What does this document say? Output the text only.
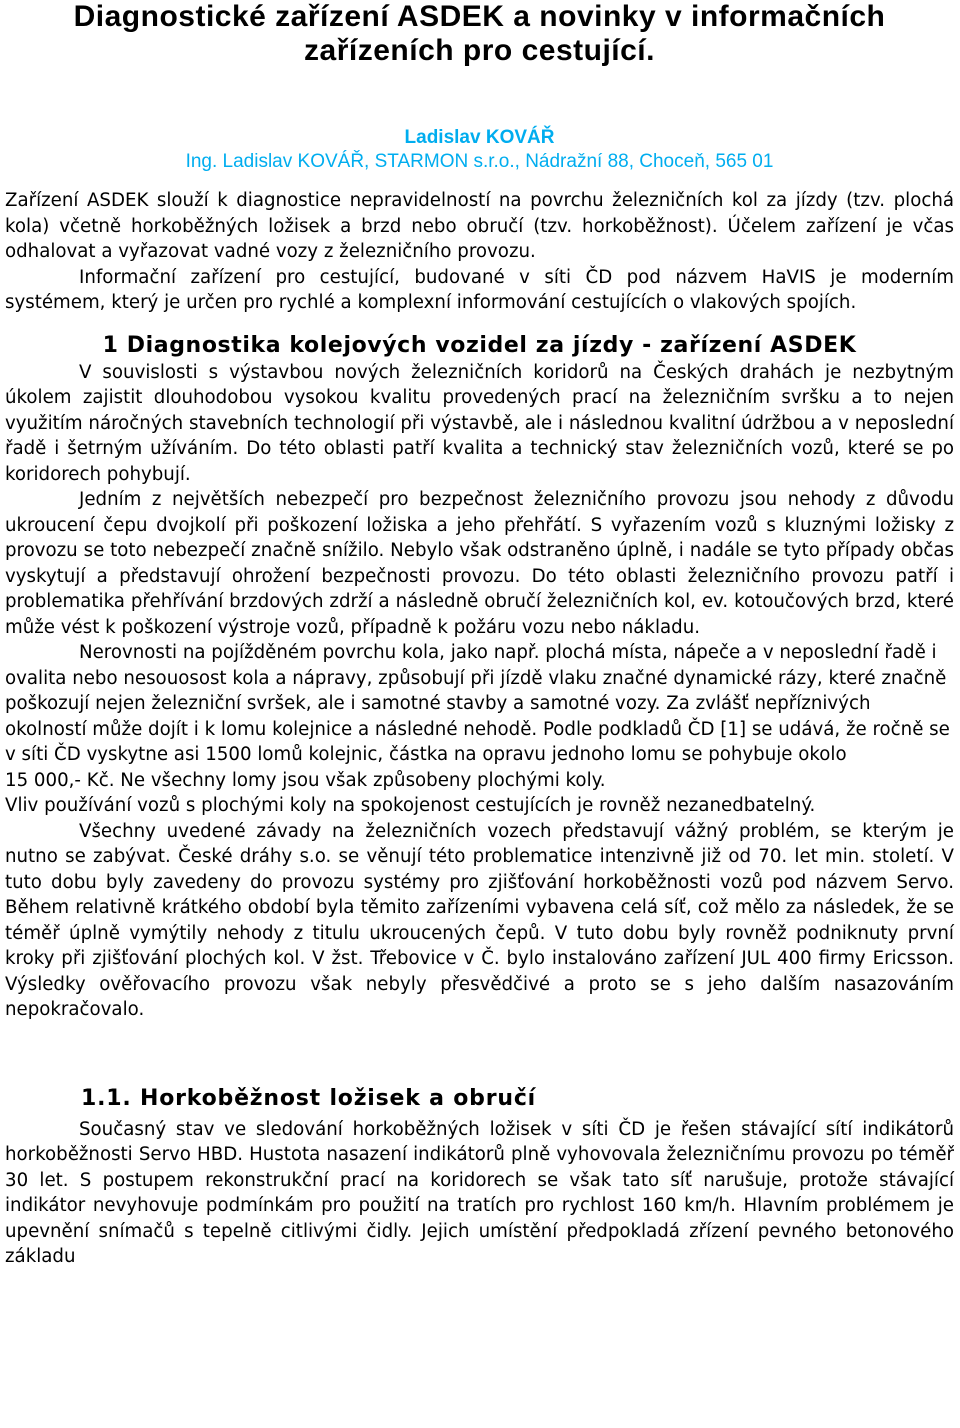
Diagnostické zařízení ASDEK a novinky v informačních zařízeních pro cestující.
Ladislav KOVÁŘ
Ing. Ladislav KOVÁŘ, STARMON s.r.o., Nádražní 88, Choceň, 565 01

Zařízení ASDEK slouží k diagnostice nepravidelností na povrchu železničních kol za jízdy (tzv. plochá kola) včetně horkoběžných ložisek a brzd nebo obručí (tzv. horkoběžnost). Účelem zařízení je včas odhalovat a vyřazovat vadné vozy z železničního provozu.

Informační zařízení pro cestující, budované v síti ČD pod názvem HaVIS je moderním systémem, který je určen pro rychlé a komplexní informování cestujících o vlakových spojích.

1 Diagnostika kolejových vozidel za jízdy - zařízení ASDEK

V souvislosti s výstavbou nových železničních koridorů na Českých drahách je nezbytným úkolem zajistit dlouhodobou vysokou kvalitu provedených prací na železničním svršku a to nejen využitím náročných stavebních technologií při výstavbě, ale i následnou kvalitní údržbou a v neposlední řadě i šetrným užíváním. Do této oblasti patří kvalita a technický stav železničních vozů, které se po koridorech pohybují.

Jedním z největších nebezpečí pro bezpečnost železničního provozu jsou nehody z důvodu ukroucení čepu dvojkolí při poškození ložiska a jeho přehřátí. S vyřazením vozů s kluznými ložisky z provozu se toto nebezpečí značně snížilo. Nebylo však odstraněno úplně, i nadále se tyto případy občas vyskytují a představují ohrožení bezpečnosti provozu. Do této oblasti železničního provozu patří i problematika přehřívání brzdových zdrží a následně obručí železničních kol, ev. kotoučových brzd, které může vést k poškození výstroje vozů, případně k požáru vozu nebo nákladu.

Nerovnosti na pojížděném povrchu kola, jako např. plochá místa, nápeče a v neposlední řadě i ovalita nebo nesouosost kola a nápravy, způsobují při jízdě vlaku značné dynamické rázy, které značně poškozují nejen železniční svršek, ale i samotné stavby a samotné vozy. Za zvlášť nepříznivých okolností může dojít i k lomu kolejnice a následné nehodě. Podle podkladů ČD [1] se udává, že ročně se v síti ČD vyskytne asi 1500 lomů kolejnic, částka na opravu jednoho lomu se pohybuje okolo

15 000,- Kč. Ne všechny lomy jsou však způsobeny plochými koly.

Vliv používání vozů s plochými koly na spokojenost cestujících je rovněž nezanedbatelný.

Všechny uvedené závady na železničních vozech představují vážný problém, se kterým je nutno se zabývat. České dráhy s.o. se věnují této problematice intenzivně již od 70. let min. století. V tuto dobu byly zavedeny do provozu systémy pro zjišťování horkoběžnosti vozů pod názvem Servo. Během relativně krátkého období byla těmito zařízeními vybavena celá síť, což mělo za následek, že se téměř úplně vymýtily nehody z titulu ukroucených čepů. V tuto dobu byly rovněž podniknuty první kroky při zjišťování plochých kol. V žst. Třebovice v Č. bylo instalováno zařízení JUL 400 firmy Ericsson. Výsledky ověřovacího provozu však nebyly přesvědčivé a proto se s jeho dalším nasazováním nepokračovalo.

1.1. Horkoběžnost ložisek a obručí

Současný stav ve sledování horkoběžných ložisek v síti ČD je řešen stávající sítí indikátorů horkoběžnosti Servo HBD. Hustota nasazení indikátorů plně vyhovovala železničnímu provozu po téměř 30 let. S postupem rekonstrukční prací na koridorech se však tato síť narušuje, protože stávající indikátor nevyhovuje podmínkám pro použití na tratích pro rychlost 160 km/h. Hlavním problémem je upevnění snímačů s tepelně citlivými čidly. Jejich umístění předpokladá zřízení pevného betonového základu
